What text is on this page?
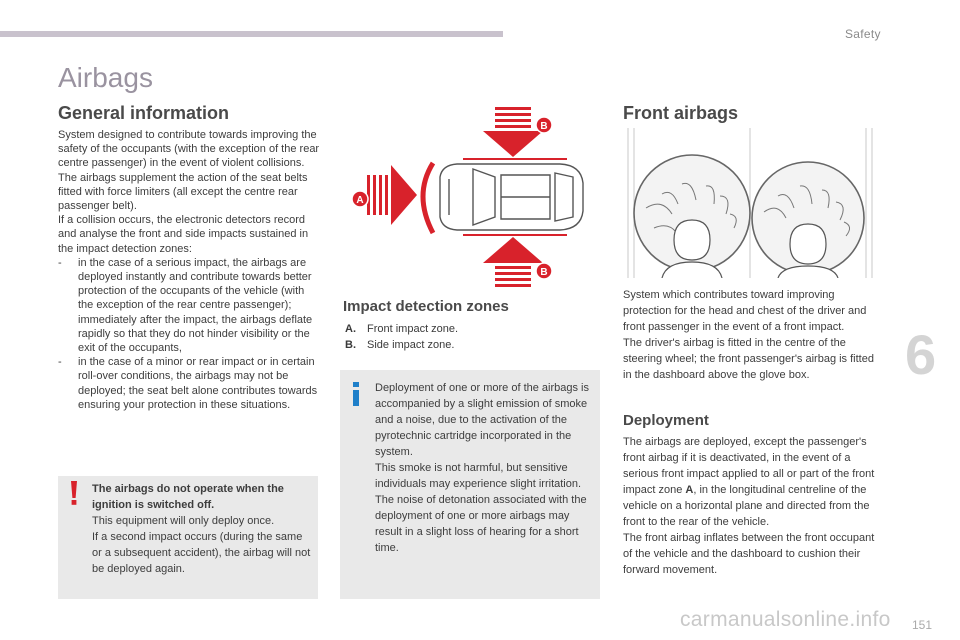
Safety
Airbags
General information

System designed to contribute towards improving the safety of the occupants (with the exception of the rear centre passenger) in the event of violent collisions. The airbags supplement the action of the seat belts fitted with force limiters (all except the centre rear passenger belt).

If a collision occurs, the electronic detectors record and analyse the front and side impacts sustained in the impact detection zones:

- in the case of a serious impact, the airbags are deployed instantly and contribute towards better protection of the occupants of the vehicle (with the exception of the rear centre passenger); immediately after the impact, the airbags deflate rapidly so that they do not hinder visibility or the exit of the occupants,
- in the case of a minor or rear impact or in certain roll-over conditions, the airbags may not be deployed; the seat belt alone contributes towards ensuring your protection in these situations.
The airbags do not operate when the ignition is switched off.
This equipment will only deploy once.
If a second impact occurs (during the same or a subsequent accident), the airbag will not be deployed again.
B
A
B
Impact detection zones
A. Front impact zone.
B. Side impact zone.
Deployment of one or more of the airbags is accompanied by a slight emission of smoke and a noise, due to the activation of the pyrotechnic cartridge incorporated in the system.
This smoke is not harmful, but sensitive individuals may experience slight irritation.
The noise of detonation associated with the deployment of one or more airbags may result in a slight loss of hearing for a short time.
Front airbags

System which contributes toward improving protection for the head and chest of the driver and front passenger in the event of a front impact.

The driver's airbag is fitted in the centre of the steering wheel; the front passenger's airbag is fitted in the dashboard above the glove box.

Deployment

The airbags are deployed, except the passenger's front airbag if it is deactivated, in the event of a serious front impact applied to all or part of the front impact zone A, in the longitudinal centreline of the vehicle on a horizontal plane and directed from the front to the rear of the vehicle.

The front airbag inflates between the front occupant of the vehicle and the dashboard to cushion their forward movement.

6
carmanualsonline.info 151
